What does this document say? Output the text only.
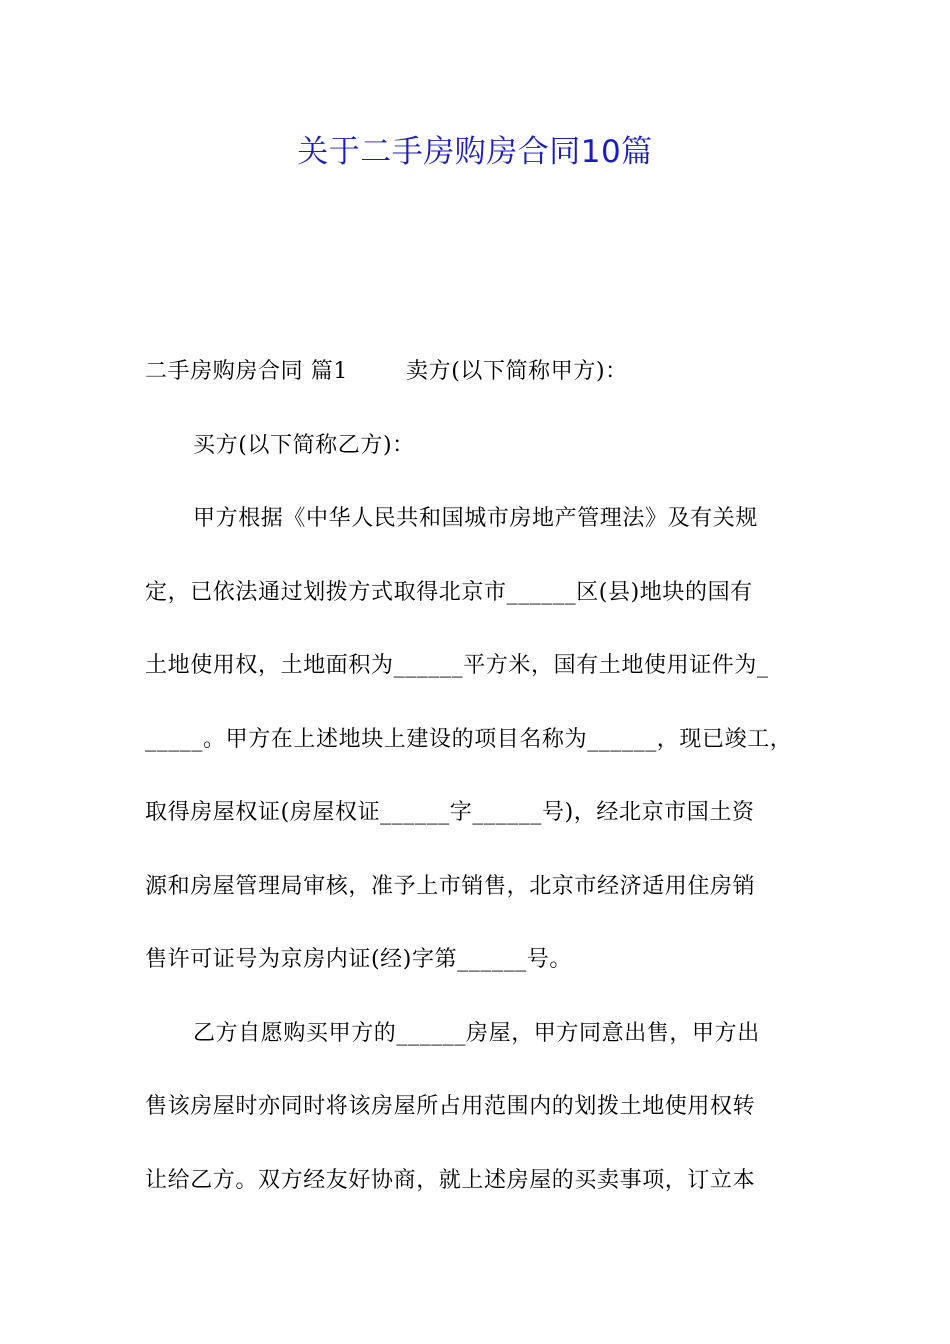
关于二手房购房合同10篇
二手房购房合同 篇1	卖方(以下简称甲方)：
买方(以下简称乙方)：
甲方根据《中华人民共和国城市房地产管理法》及有关规
定，已依法通过划拨方式取得北京市______区(县)地块的国有
土地使用权，土地面积为______平方米，国有土地使用证件为_
_____。甲方在上述地块上建设的项目名称为______，现已竣工，
取得房屋权证(房屋权证______字______号)，经北京市国土资
源和房屋管理局审核，准予上市销售，北京市经济适用住房销
售许可证号为京房内证(经)字第______号。
乙方自愿购买甲方的______房屋，甲方同意出售，甲方出
售该房屋时亦同时将该房屋所占用范围内的划拨土地使用权转
让给乙方。双方经友好协商，就上述房屋的买卖事项，订立本
